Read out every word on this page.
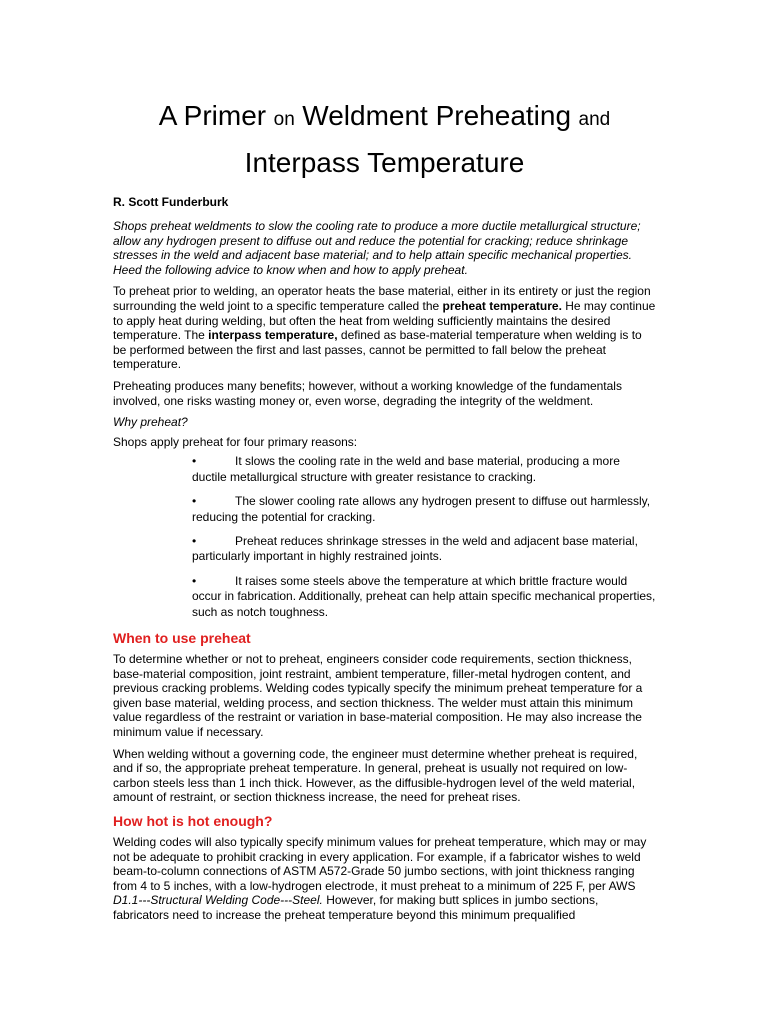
A Primer on Weldment Preheating and
Interpass Temperature
R. Scott Funderburk

Shops preheat weldments to slow the cooling rate to produce a more ductile metallurgical structure; allow any hydrogen present to diffuse out and reduce the potential for cracking; reduce shrinkage stresses in the weld and adjacent base material; and to help attain specific mechanical properties. Heed the following advice to know when and how to apply preheat.

To preheat prior to welding, an operator heats the base material, either in its entirety or just the region surrounding the weld joint to a specific temperature called the preheat temperature. He may continue to apply heat during welding, but often the heat from welding sufficiently maintains the desired temperature. The interpass temperature, defined as base-material temperature when welding is to be performed between the first and last passes, cannot be permitted to fall below the preheat temperature.

Preheating produces many benefits; however, without a working knowledge of the fundamentals involved, one risks wasting money or, even worse, degrading the integrity of the weldment.

Why preheat?

Shops apply preheat for four primary reasons:

•	It slows the cooling rate in the weld and base material, producing a more ductile metallurgical structure with greater resistance to cracking.
•	The slower cooling rate allows any hydrogen present to diffuse out harmlessly, reducing the potential for cracking.
•	Preheat reduces shrinkage stresses in the weld and adjacent base material, particularly important in highly restrained joints.
•	It raises some steels above the temperature at which brittle fracture would occur in fabrication. Additionally, preheat can help attain specific mechanical properties, such as notch toughness.
When to use preheat

To determine whether or not to preheat, engineers consider code requirements, section thickness, base-material composition, joint restraint, ambient temperature, filler-metal hydrogen content, and previous cracking problems. Welding codes typically specify the minimum preheat temperature for a given base material, welding process, and section thickness. The welder must attain this minimum value regardless of the restraint or variation in base-material composition. He may also increase the minimum value if necessary.

When welding without a governing code, the engineer must determine whether preheat is required, and if so, the appropriate preheat temperature. In general, preheat is usually not required on low-carbon steels less than 1 inch thick. However, as the diffusible-hydrogen level of the weld material, amount of restraint, or section thickness increase, the need for preheat rises.

How hot is hot enough?

Welding codes will also typically specify minimum values for preheat temperature, which may or may not be adequate to prohibit cracking in every application. For example, if a fabricator wishes to weld beam-to-column connections of ASTM A572-Grade 50 jumbo sections, with joint thickness ranging from 4 to 5 inches, with a low-hydrogen electrode, it must preheat to a minimum of 225 F, per AWS D1.1---Structural Welding Code---Steel. However, for making butt splices in jumbo sections, fabricators need to increase the preheat temperature beyond this minimum prequalified
